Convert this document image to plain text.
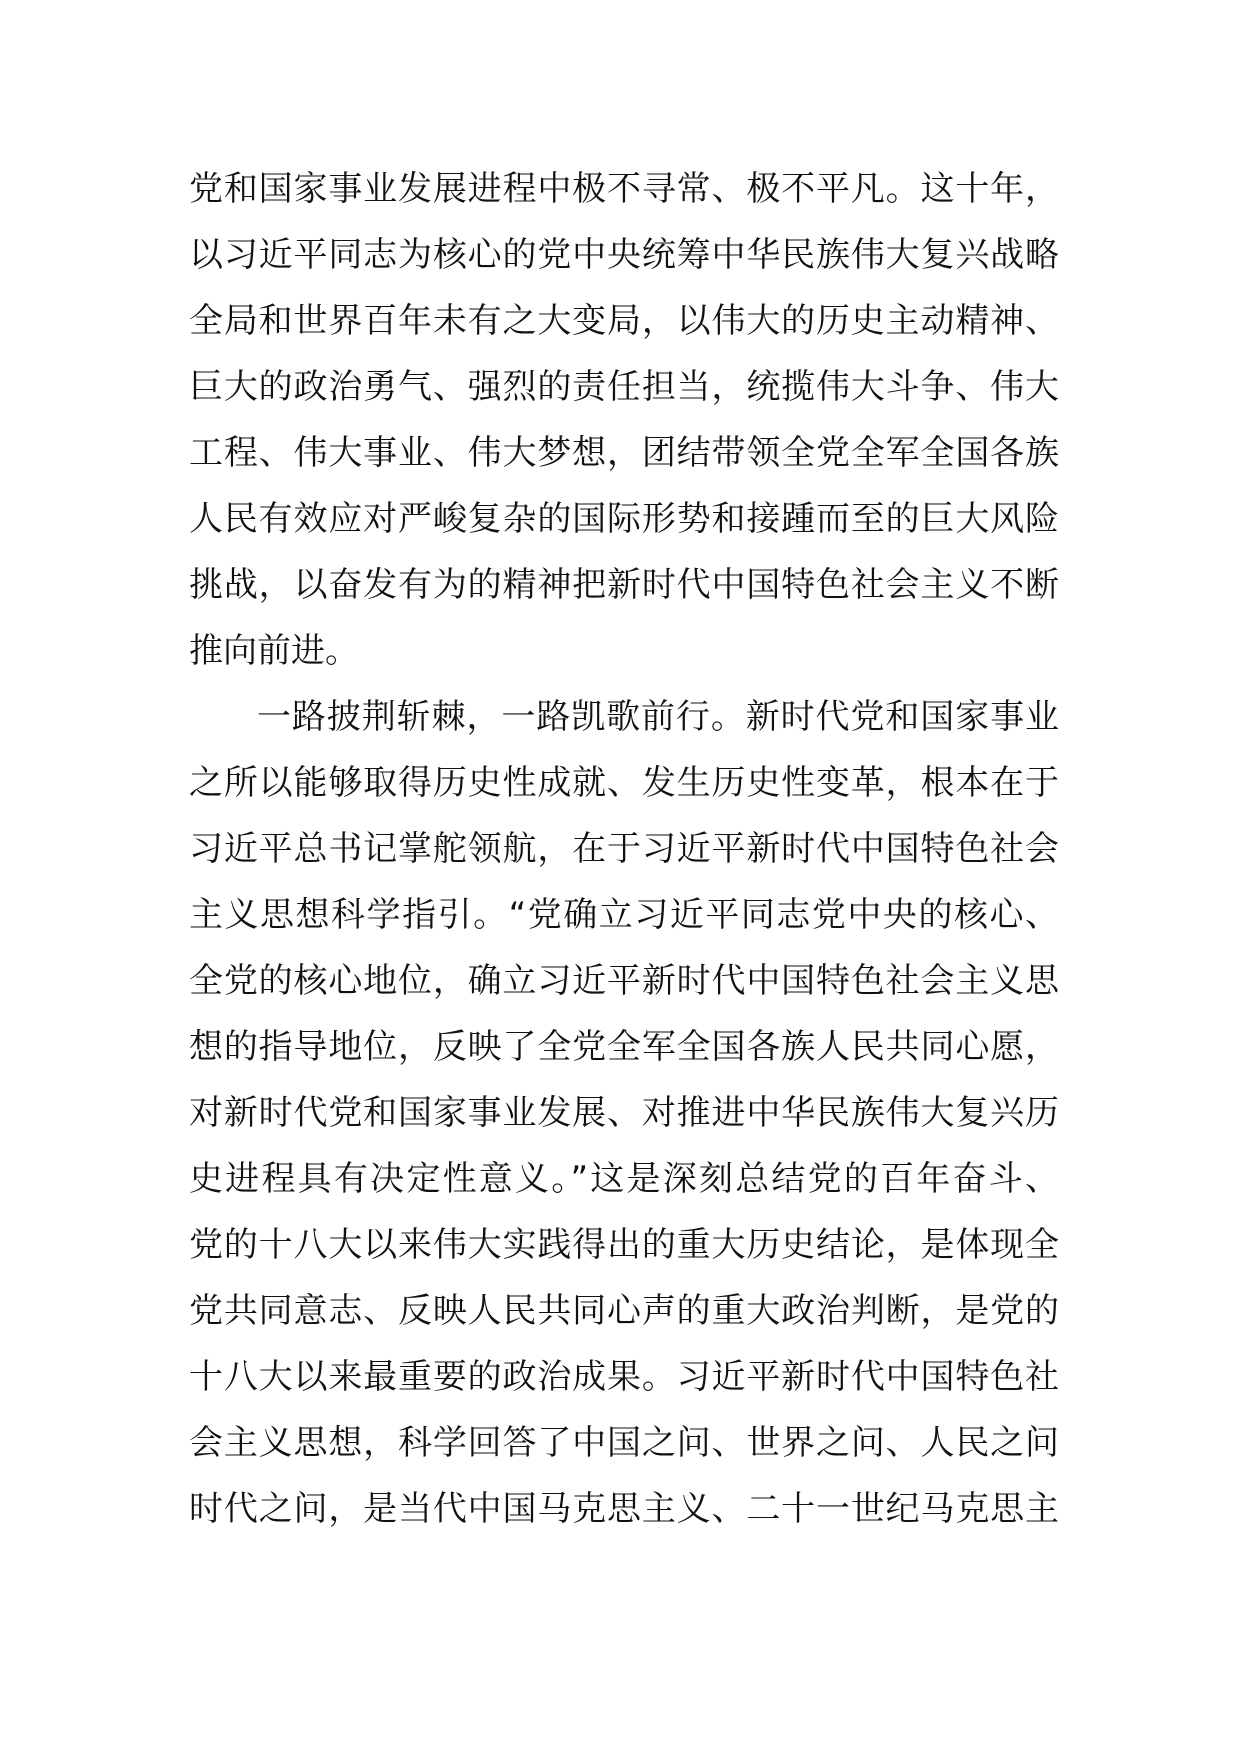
党和国家事业发展进程中极不寻常、极不平凡。这十年，
以习近平同志为核心的党中央统筹中华民族伟大复兴战略
全局和世界百年未有之大变局，以伟大的历史主动精神、
巨大的政治勇气、强烈的责任担当，统揽伟大斗争、伟大
工程、伟大事业、伟大梦想，团结带领全党全军全国各族
人民有效应对严峻复杂的国际形势和接踵而至的巨大风险
挑战，以奋发有为的精神把新时代中国特色社会主义不断
推向前进。
一路披荆斩棘，一路凯歌前行。新时代党和国家事业
之所以能够取得历史性成就、发生历史性变革，根本在于
习近平总书记掌舵领航，在于习近平新时代中国特色社会
主义思想科学指引。“党确立习近平同志党中央的核心、
全党的核心地位，确立习近平新时代中国特色社会主义思
想的指导地位，反映了全党全军全国各族人民共同心愿，
对新时代党和国家事业发展、对推进中华民族伟大复兴历
史进程具有决定性意义。”这是深刻总结党的百年奋斗、
党的十八大以来伟大实践得出的重大历史结论，是体现全
党共同意志、反映人民共同心声的重大政治判断，是党的
十八大以来最重要的政治成果。习近平新时代中国特色社
会主义思想，科学回答了中国之问、世界之问、人民之问
时代之问，是当代中国马克思主义、二十一世纪马克思主
